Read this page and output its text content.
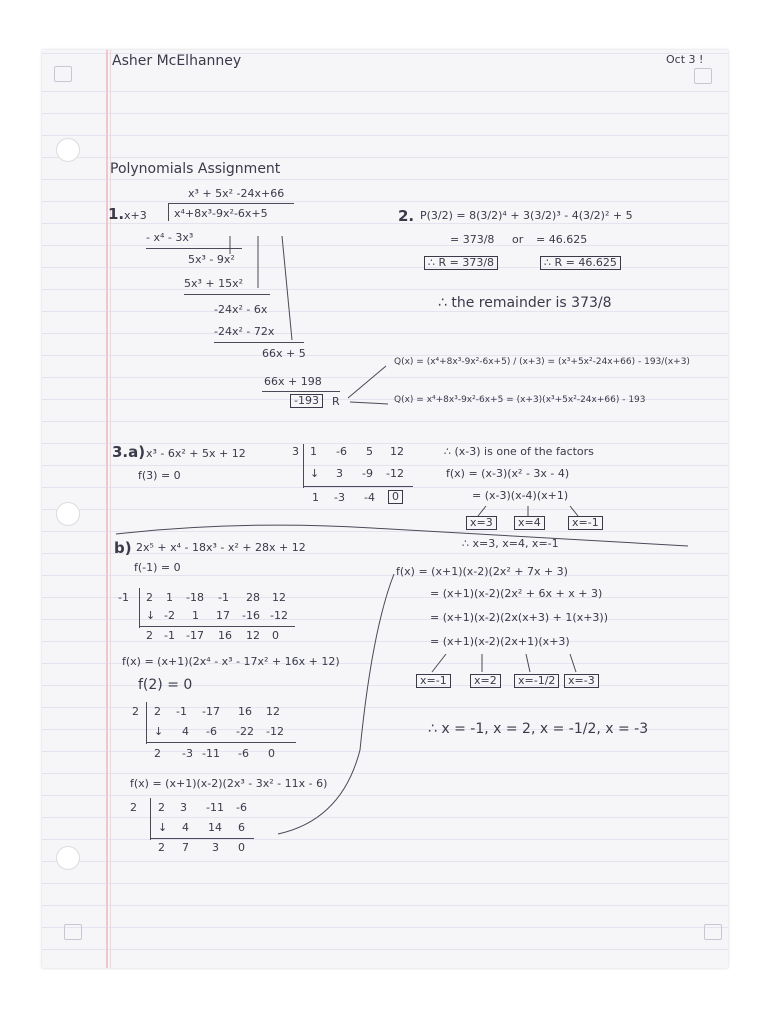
Asher McElhanney	Oct 3 !
Polynomials Assignment
1.
x³ + 5x² -24x+66
x+3 x⁴+8x³-9x²-6x+5
- x⁴ - 3x³
5x³ - 9x²
5x³ + 15x²
-24x² - 6x
-24x² - 72x
66x + 5
66x + 198
-193	R
Q(x) = (x⁴+8x³-9x²-6x+5) / (x+3) = (x³+5x²-24x+66) - 193/(x+3)
Q(x) = x⁴+8x³-9x²-6x+5 = (x+3)(x³+5x²-24x+66) - 193
2. P(3/2) = 8(3/2)⁴ + 3(3/2)³ - 4(3/2)² + 5
= 373/8 or = 46.625
∴ R = 373/8	∴ R = 46.625
∴ the remainder is 373/8
3.a) x³ - 6x² + 5x + 12
f(3) = 0
3 1 -6 5 12
↓ 3 -9 -12
1 -3 -4	0
∴ (x-3) is one of the factors
f(x) = (x-3)(x² - 3x - 4)
= (x-3)(x-4)(x+1)
x=3	x=4	x=-1
∴ x=3, x=4, x=-1
b) 2x⁵ + x⁴ - 18x³ - x² + 28x + 12
f(-1) = 0
-1 2 1 -18 -1 28 12
↓ -2 1 17 -16 -12
2 -1 -17 16 12 0
f(x) = (x+1)(2x⁴ - x³ - 17x² + 16x + 12)
f(2) = 0
2 2 -1 -17 16 12
↓ 4 -6 -22 -12
2 -3 -11 -6 0
f(x) = (x+1)(x-2)(2x³ - 3x² - 11x - 6)
2 2 3 -11 -6
↓ 4 14 6
2 7 3 0
f(x) = (x+1)(x-2)(2x² + 7x + 3)
= (x+1)(x-2)(2x² + 6x + x + 3)
= (x+1)(x-2)(2x(x+3) + 1(x+3))
= (x+1)(x-2)(2x+1)(x+3)
x=-1	x=2	x=-1/2	x=-3
∴ x = -1, x = 2, x = -1/2, x = -3
